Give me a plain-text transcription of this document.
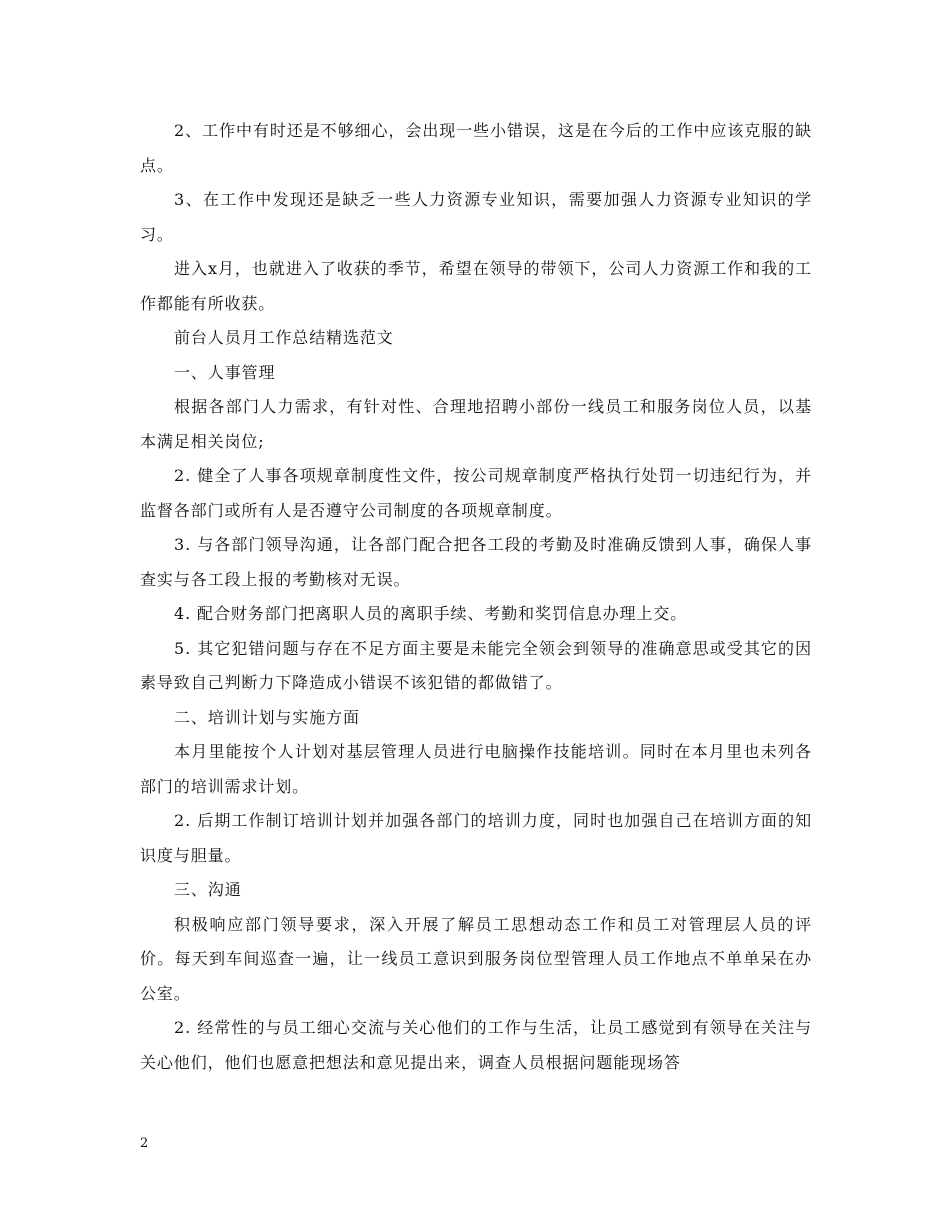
2、工作中有时还是不够细心，会出现一些小错误，这是在今后的工作中应该克服的缺点。

3、在工作中发现还是缺乏一些人力资源专业知识，需要加强人力资源专业知识的学习。

进入x月，也就进入了收获的季节，希望在领导的带领下，公司人力资源工作和我的工作都能有所收获。

前台人员月工作总结精选范文

一、人事管理

根据各部门人力需求，有针对性、合理地招聘小部份一线员工和服务岗位人员，以基本满足相关岗位;

2. 健全了人事各项规章制度性文件，按公司规章制度严格执行处罚一切违纪行为，并监督各部门或所有人是否遵守公司制度的各项规章制度。

3. 与各部门领导沟通，让各部门配合把各工段的考勤及时准确反馈到人事，确保人事查实与各工段上报的考勤核对无误。

4. 配合财务部门把离职人员的离职手续、考勤和奖罚信息办理上交。

5. 其它犯错问题与存在不足方面主要是未能完全领会到领导的准确意思或受其它的因素导致自己判断力下降造成小错误不该犯错的都做错了。

二、培训计划与实施方面

本月里能按个人计划对基层管理人员进行电脑操作技能培训。同时在本月里也未列各部门的培训需求计划。

2. 后期工作制订培训计划并加强各部门的培训力度，同时也加强自己在培训方面的知识度与胆量。

三、沟通

积极响应部门领导要求，深入开展了解员工思想动态工作和员工对管理层人员的评价。每天到车间巡查一遍，让一线员工意识到服务岗位型管理人员工作地点不单单呆在办公室。

2. 经常性的与员工细心交流与关心他们的工作与生活，让员工感觉到有领导在关注与关心他们，他们也愿意把想法和意见提出来，调查人员根据问题能现场答

2
